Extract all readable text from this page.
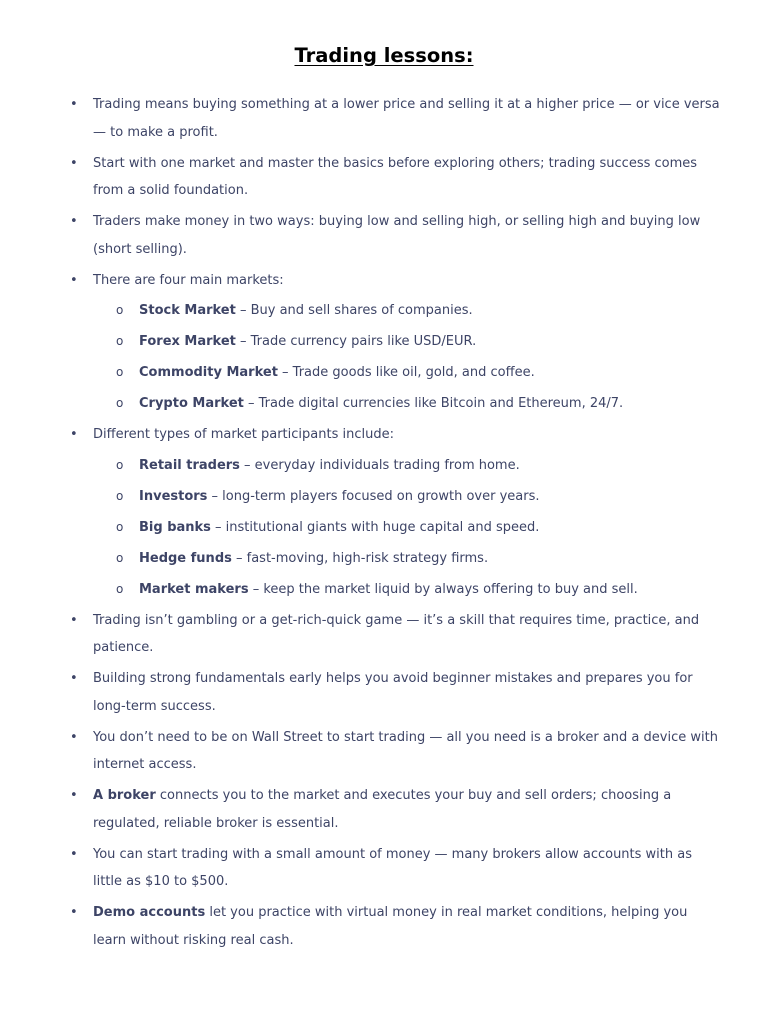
Trading lessons:
• Trading means buying something at a lower price and selling it at a higher price — or vice versa — to make a profit.
• Start with one market and master the basics before exploring others; trading success comes from a solid foundation.
• Traders make money in two ways: buying low and selling high, or selling high and buying low (short selling).
• There are four main markets:
o Stock Market – Buy and sell shares of companies.
o Forex Market – Trade currency pairs like USD/EUR.
o Commodity Market – Trade goods like oil, gold, and coffee.
o Crypto Market – Trade digital currencies like Bitcoin and Ethereum, 24/7.
• Different types of market participants include:
o Retail traders – everyday individuals trading from home.
o Investors – long-term players focused on growth over years.
o Big banks – institutional giants with huge capital and speed.
o Hedge funds – fast-moving, high-risk strategy firms.
o Market makers – keep the market liquid by always offering to buy and sell.
• Trading isn’t gambling or a get-rich-quick game — it’s a skill that requires time, practice, and patience.
• Building strong fundamentals early helps you avoid beginner mistakes and prepares you for long-term success.
• You don’t need to be on Wall Street to start trading — all you need is a broker and a device with internet access.
• A broker connects you to the market and executes your buy and sell orders; choosing a regulated, reliable broker is essential.
• You can start trading with a small amount of money — many brokers allow accounts with as little as $10 to $500.
• Demo accounts let you practice with virtual money in real market conditions, helping you learn without risking real cash.
